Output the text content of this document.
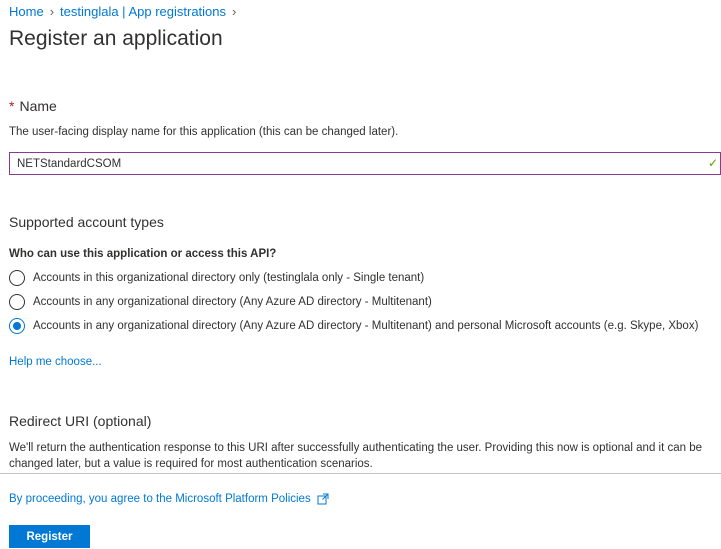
Home › testinglala | App registrations ›
Register an application
* Name
The user-facing display name for this application (this can be changed later).
NETStandardCSOM
✓
Supported account types
Who can use this application or access this API?
Accounts in this organizational directory only (testinglala only - Single tenant)
Accounts in any organizational directory (Any Azure AD directory - Multitenant)
Accounts in any organizational directory (Any Azure AD directory - Multitenant) and personal Microsoft accounts (e.g. Skype, Xbox)
Help me choose...
Redirect URI (optional)
We'll return the authentication response to this URI after successfully authenticating the user. Providing this now is optional and it can be changed later, but a value is required for most authentication scenarios.
By proceeding, you agree to the Microsoft Platform Policies
Register
